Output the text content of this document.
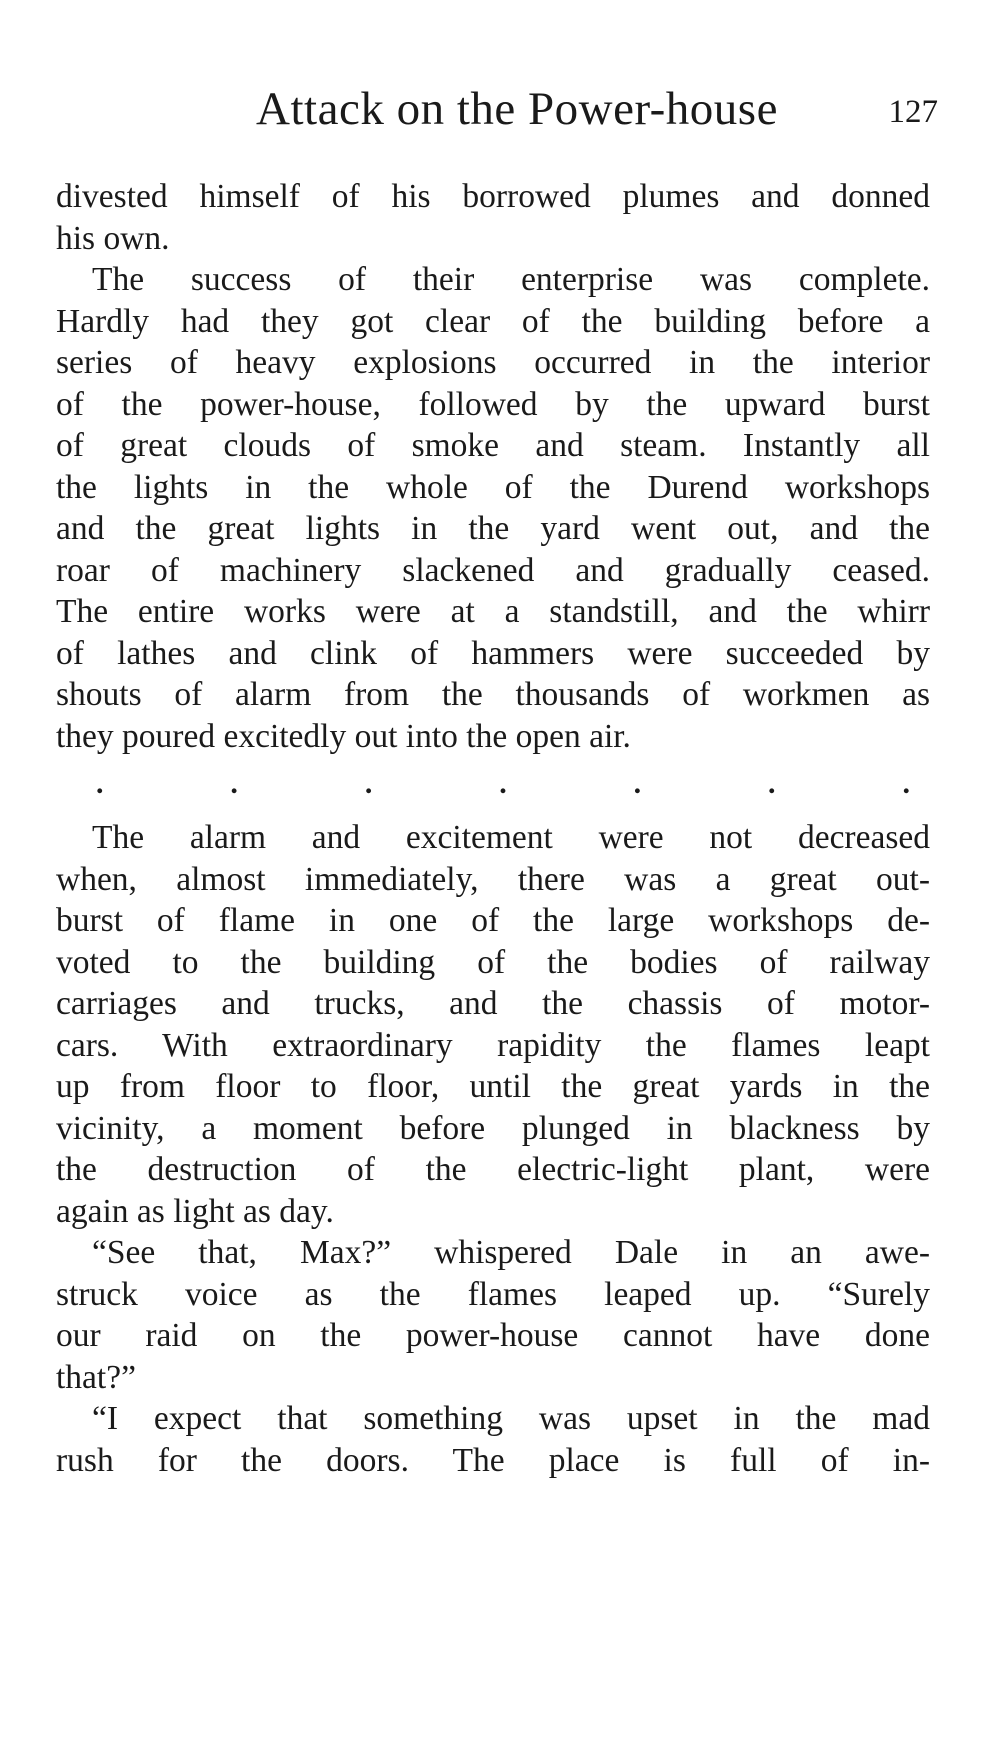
Attack on the Power-house	127
divested himself of his borrowed plumes and donned
his own.
The success of their enterprise was complete.
Hardly had they got clear of the building before a
series of heavy explosions occurred in the interior
of the power-house, followed by the upward burst
of great clouds of smoke and steam. Instantly all
the lights in the whole of the Durend workshops
and the great lights in the yard went out, and the
roar of machinery slackened and gradually ceased.
The entire works were at a standstill, and the whirr
of lathes and clink of hammers were succeeded by
shouts of alarm from the thousands of workmen as
they poured excitedly out into the open air.
.	.	.	.	.	.	.
The alarm and excitement were not decreased
when, almost immediately, there was a great out-
burst of flame in one of the large workshops de-
voted to the building of the bodies of railway
carriages and trucks, and the chassis of motor-
cars. With extraordinary rapidity the flames leapt
up from floor to floor, until the great yards in the
vicinity, a moment before plunged in blackness by
the destruction of the electric-light plant, were
again as light as day.
“See that, Max?” whispered Dale in an awe-
struck voice as the flames leaped up. “Surely
our raid on the power-house cannot have done
that?”
“I expect that something was upset in the mad
rush for the doors. The place is full of in-
